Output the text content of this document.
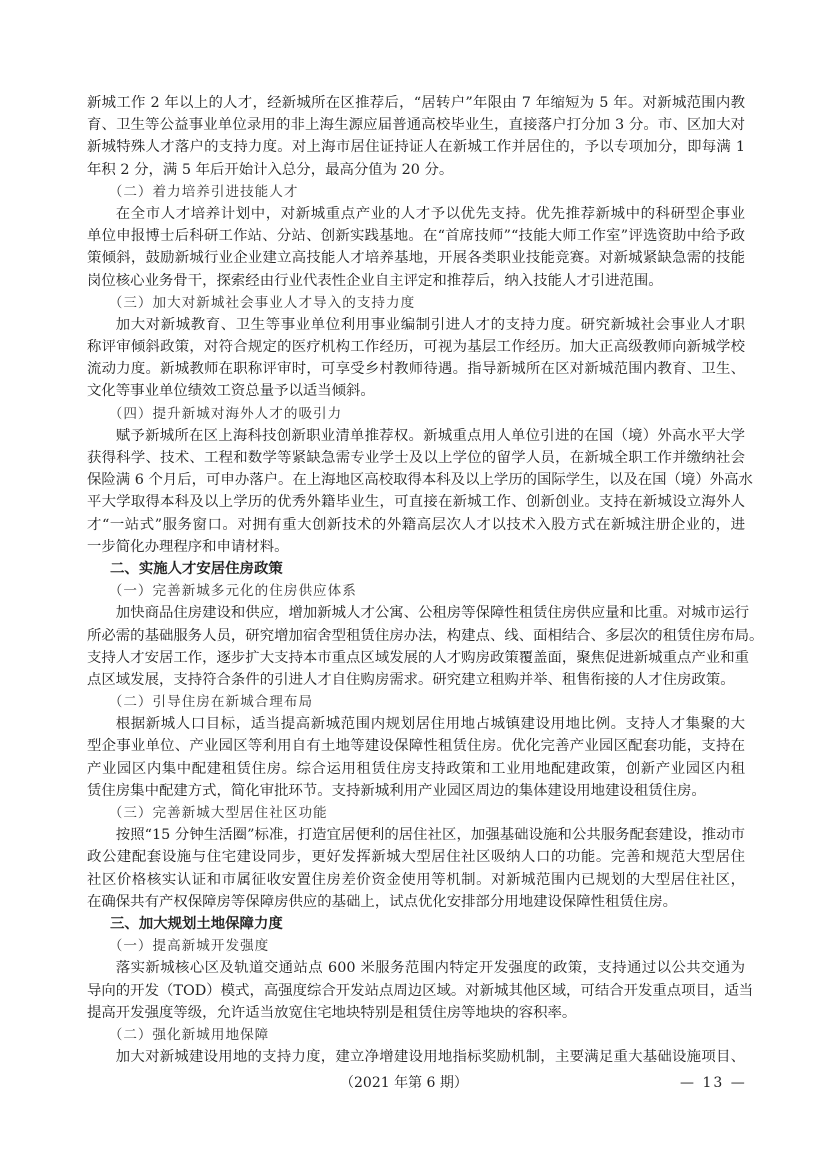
新城工作 2 年以上的人才，经新城所在区推荐后，“居转户”年限由 7 年缩短为 5 年。对新城范围内教
育、卫生等公益事业单位录用的非上海生源应届普通高校毕业生，直接落户打分加 3 分。市、区加大对
新城特殊人才落户的支持力度。对上海市居住证持证人在新城工作并居住的，予以专项加分，即每满 1
年积 2 分，满 5 年后开始计入总分，最高分值为 20 分。
（二）着力培养引进技能人才
在全市人才培养计划中，对新城重点产业的人才予以优先支持。优先推荐新城中的科研型企事业
单位申报博士后科研工作站、分站、创新实践基地。在“首席技师”“技能大师工作室”评选资助中给予政
策倾斜，鼓励新城行业企业建立高技能人才培养基地，开展各类职业技能竞赛。对新城紧缺急需的技能
岗位核心业务骨干，探索经由行业代表性企业自主评定和推荐后，纳入技能人才引进范围。
（三）加大对新城社会事业人才导入的支持力度
加大对新城教育、卫生等事业单位利用事业编制引进人才的支持力度。研究新城社会事业人才职
称评审倾斜政策，对符合规定的医疗机构工作经历，可视为基层工作经历。加大正高级教师向新城学校
流动力度。新城教师在职称评审时，可享受乡村教师待遇。指导新城所在区对新城范围内教育、卫生、
文化等事业单位绩效工资总量予以适当倾斜。
（四）提升新城对海外人才的吸引力
赋予新城所在区上海科技创新职业清单推荐权。新城重点用人单位引进的在国（境）外高水平大学
获得科学、技术、工程和数学等紧缺急需专业学士及以上学位的留学人员，在新城全职工作并缴纳社会
保险满 6 个月后，可申办落户。在上海地区高校取得本科及以上学历的国际学生，以及在国（境）外高水
平大学取得本科及以上学历的优秀外籍毕业生，可直接在新城工作、创新创业。支持在新城设立海外人
才“一站式”服务窗口。对拥有重大创新技术的外籍高层次人才以技术入股方式在新城注册企业的，进
一步简化办理程序和申请材料。
二、实施人才安居住房政策
（一）完善新城多元化的住房供应体系
加快商品住房建设和供应，增加新城人才公寓、公租房等保障性租赁住房供应量和比重。对城市运行
所必需的基础服务人员，研究增加宿舍型租赁住房办法，构建点、线、面相结合、多层次的租赁住房布局。
支持人才安居工作，逐步扩大支持本市重点区域发展的人才购房政策覆盖面，聚焦促进新城重点产业和重
点区域发展，支持符合条件的引进人才自住购房需求。研究建立租购并举、租售衔接的人才住房政策。
（二）引导住房在新城合理布局
根据新城人口目标，适当提高新城范围内规划居住用地占城镇建设用地比例。支持人才集聚的大
型企事业单位、产业园区等利用自有土地等建设保障性租赁住房。优化完善产业园区配套功能，支持在
产业园区内集中配建租赁住房。综合运用租赁住房支持政策和工业用地配建政策，创新产业园区内租
赁住房集中配建方式，简化审批环节。支持新城利用产业园区周边的集体建设用地建设租赁住房。
（三）完善新城大型居住社区功能
按照“15 分钟生活圈”标准，打造宜居便利的居住社区，加强基础设施和公共服务配套建设，推动市
政公建配套设施与住宅建设同步，更好发挥新城大型居住社区吸纳人口的功能。完善和规范大型居住
社区价格核实认证和市属征收安置住房差价资金使用等机制。对新城范围内已规划的大型居住社区，
在确保共有产权保障房等保障房供应的基础上，试点优化安排部分用地建设保障性租赁住房。
三、加大规划土地保障力度
（一）提高新城开发强度
落实新城核心区及轨道交通站点 600 米服务范围内特定开发强度的政策，支持通过以公共交通为
导向的开发（TOD）模式，高强度综合开发站点周边区域。对新城其他区域，可结合开发重点项目，适当
提高开发强度等级，允许适当放宽住宅地块特别是租赁住房等地块的容积率。
（二）强化新城用地保障
加大对新城建设用地的支持力度，建立净增建设用地指标奖励机制，主要满足重大基础设施项目、
（2021 年第 6 期）	— 13 —
